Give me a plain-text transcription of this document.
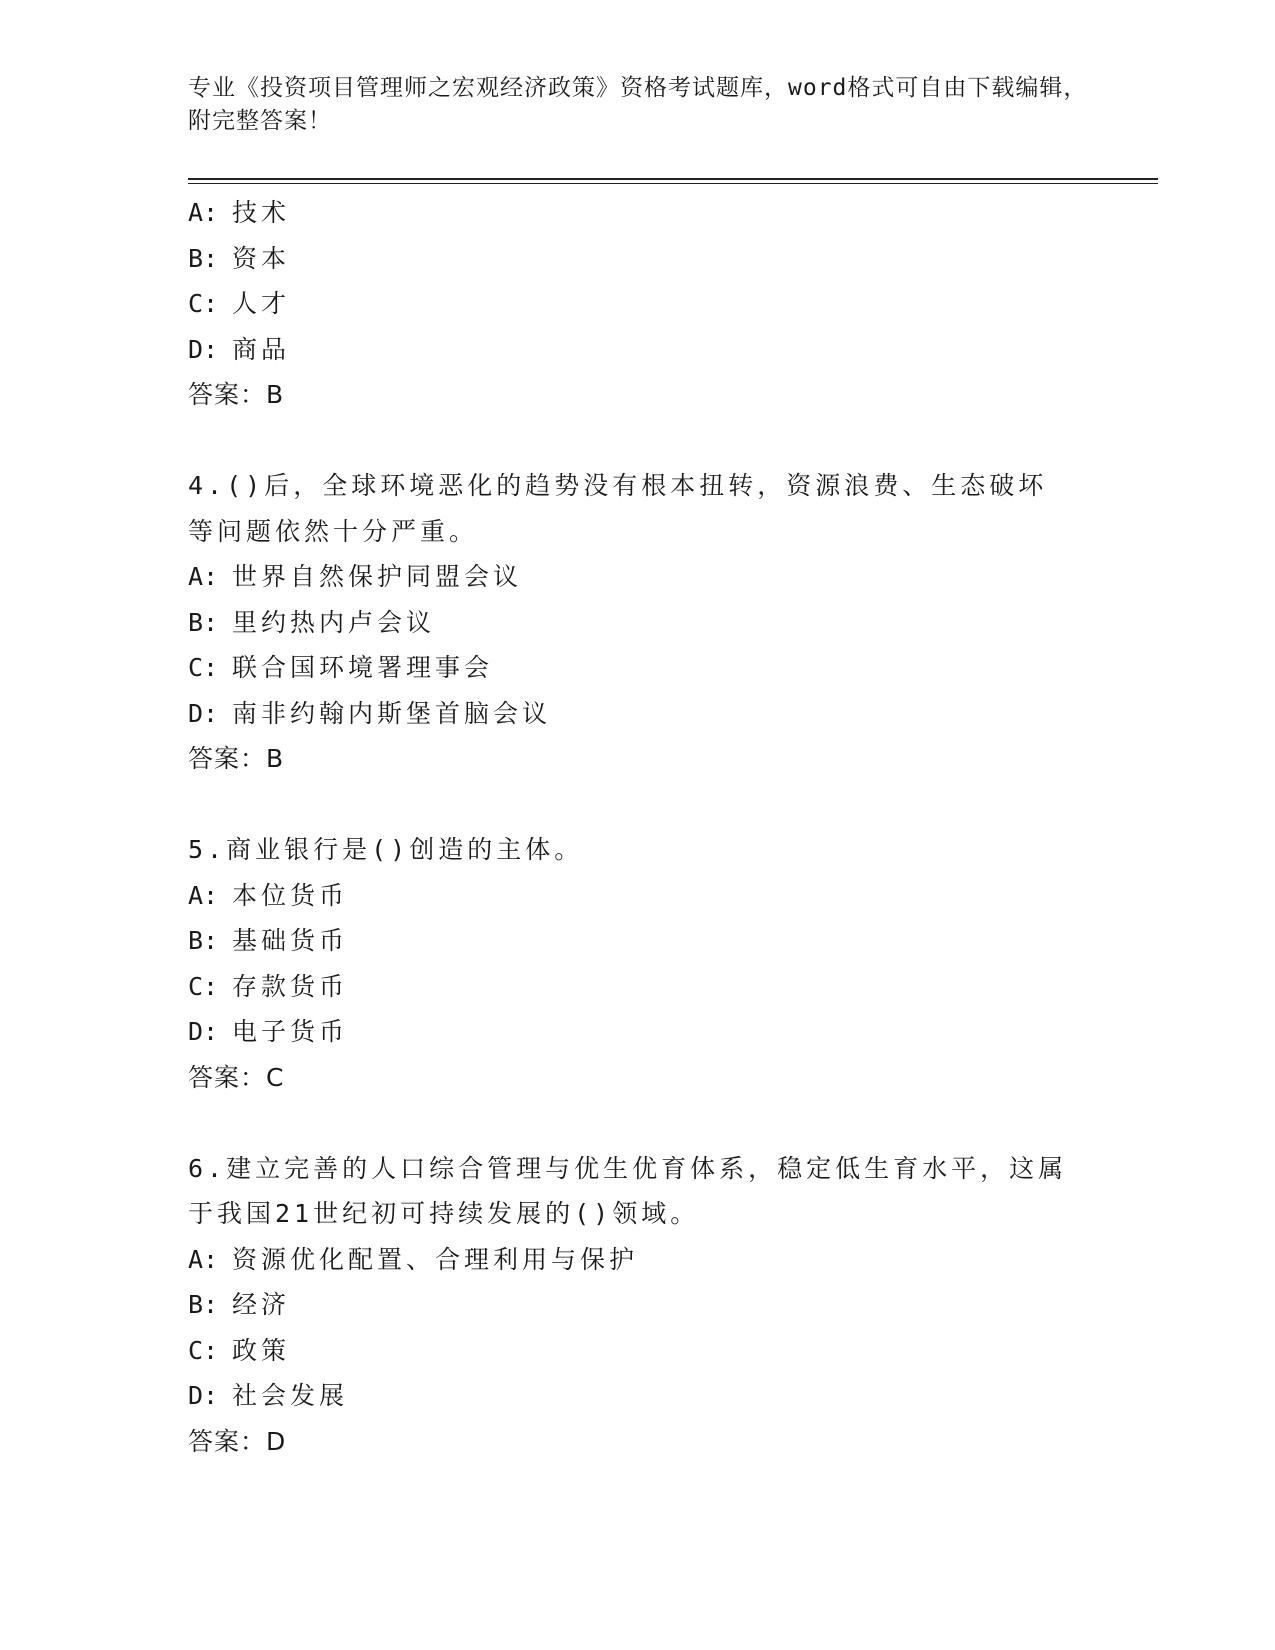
专业《投资项目管理师之宏观经济政策》资格考试题库，word格式可自由下载编辑，附完整答案！
A: 技术
B: 资本
C: 人才
D: 商品
答案：B
4.()后，全球环境恶化的趋势没有根本扭转，资源浪费、生态破坏等问题依然十分严重。
A: 世界自然保护同盟会议
B: 里约热内卢会议
C: 联合国环境署理事会
D: 南非约翰内斯堡首脑会议
答案：B
5.商业银行是()创造的主体。
A: 本位货币
B: 基础货币
C: 存款货币
D: 电子货币
答案：C
6.建立完善的人口综合管理与优生优育体系，稳定低生育水平，这属于我国21世纪初可持续发展的()领域。
A: 资源优化配置、合理利用与保护
B: 经济
C: 政策
D: 社会发展
答案：D
